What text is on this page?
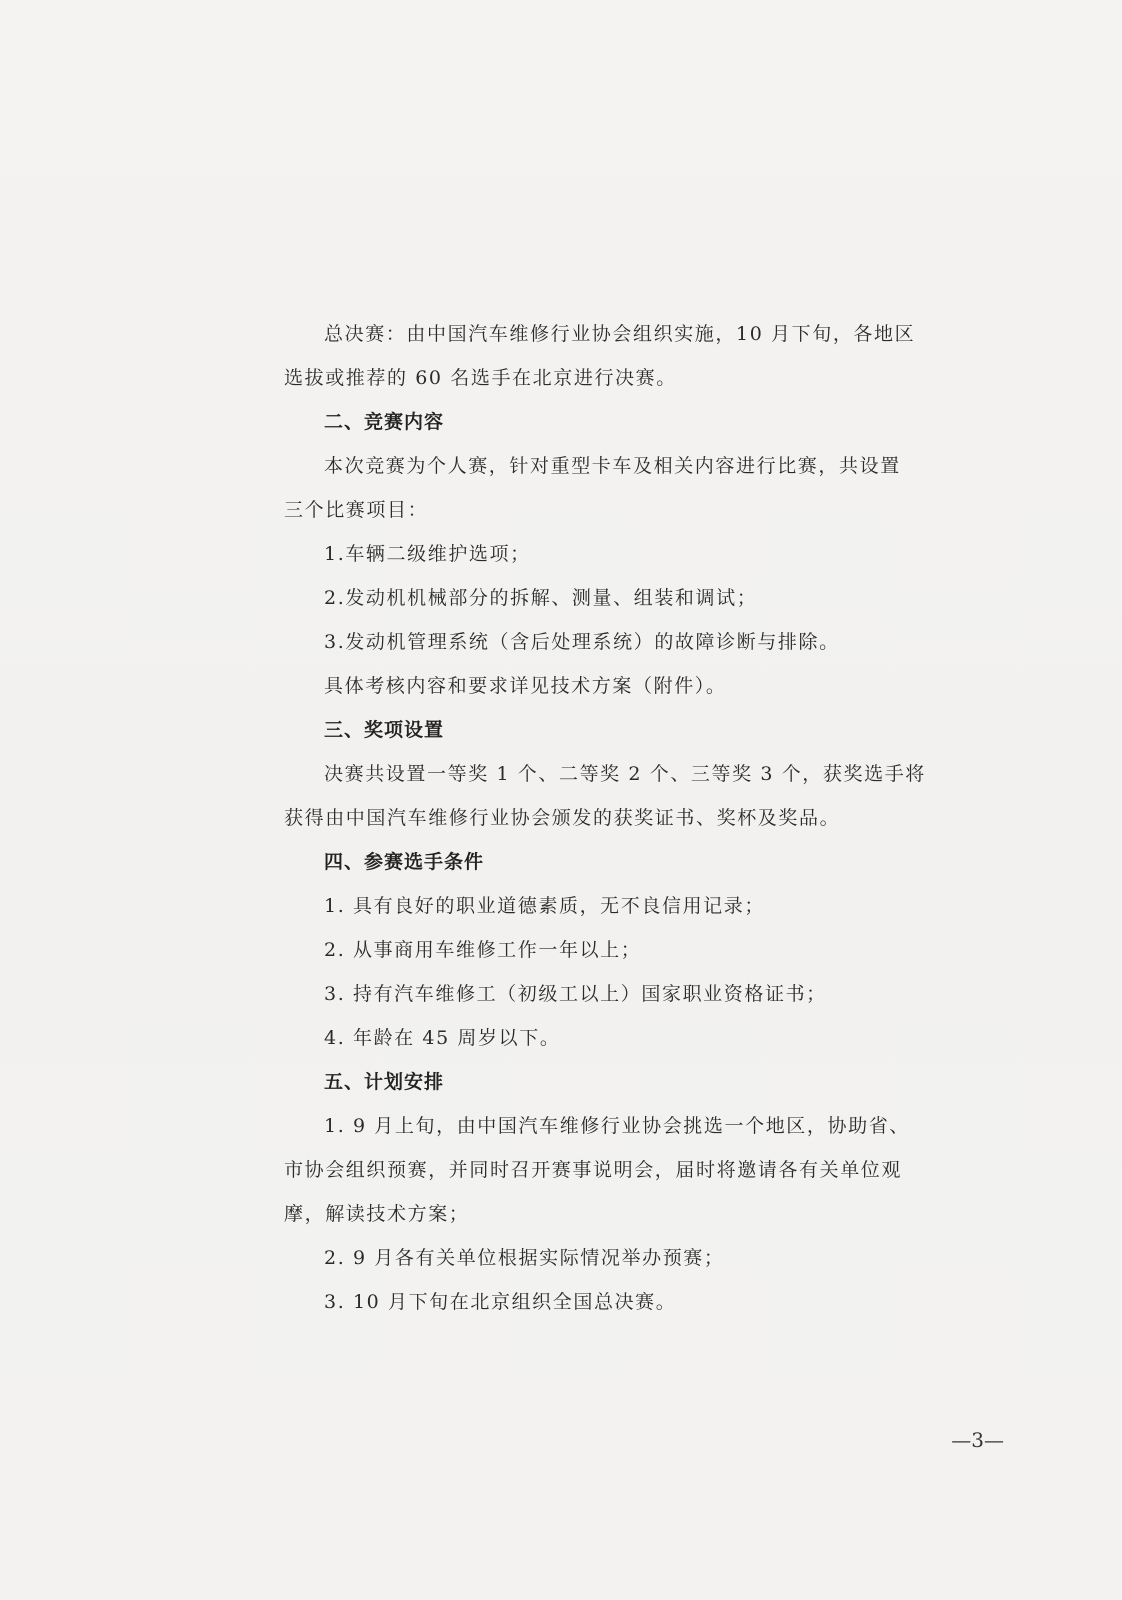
总决赛：由中国汽车维修行业协会组织实施，10 月下旬，各地区
选拔或推荐的 60 名选手在北京进行决赛。
二、竞赛内容
本次竞赛为个人赛，针对重型卡车及相关内容进行比赛，共设置
三个比赛项目：
1.车辆二级维护选项；
2.发动机机械部分的拆解、测量、组装和调试；
3.发动机管理系统（含后处理系统）的故障诊断与排除。
具体考核内容和要求详见技术方案（附件）。
三、奖项设置
决赛共设置一等奖 1 个、二等奖 2 个、三等奖 3 个，获奖选手将
获得由中国汽车维修行业协会颁发的获奖证书、奖杯及奖品。
四、参赛选手条件
1. 具有良好的职业道德素质，无不良信用记录；
2. 从事商用车维修工作一年以上；
3. 持有汽车维修工（初级工以上）国家职业资格证书；
4. 年龄在 45 周岁以下。
五、计划安排
1. 9 月上旬，由中国汽车维修行业协会挑选一个地区，协助省、
市协会组织预赛，并同时召开赛事说明会，届时将邀请各有关单位观
摩，解读技术方案；
2. 9 月各有关单位根据实际情况举办预赛；
3. 10 月下旬在北京组织全国总决赛。
—3—
